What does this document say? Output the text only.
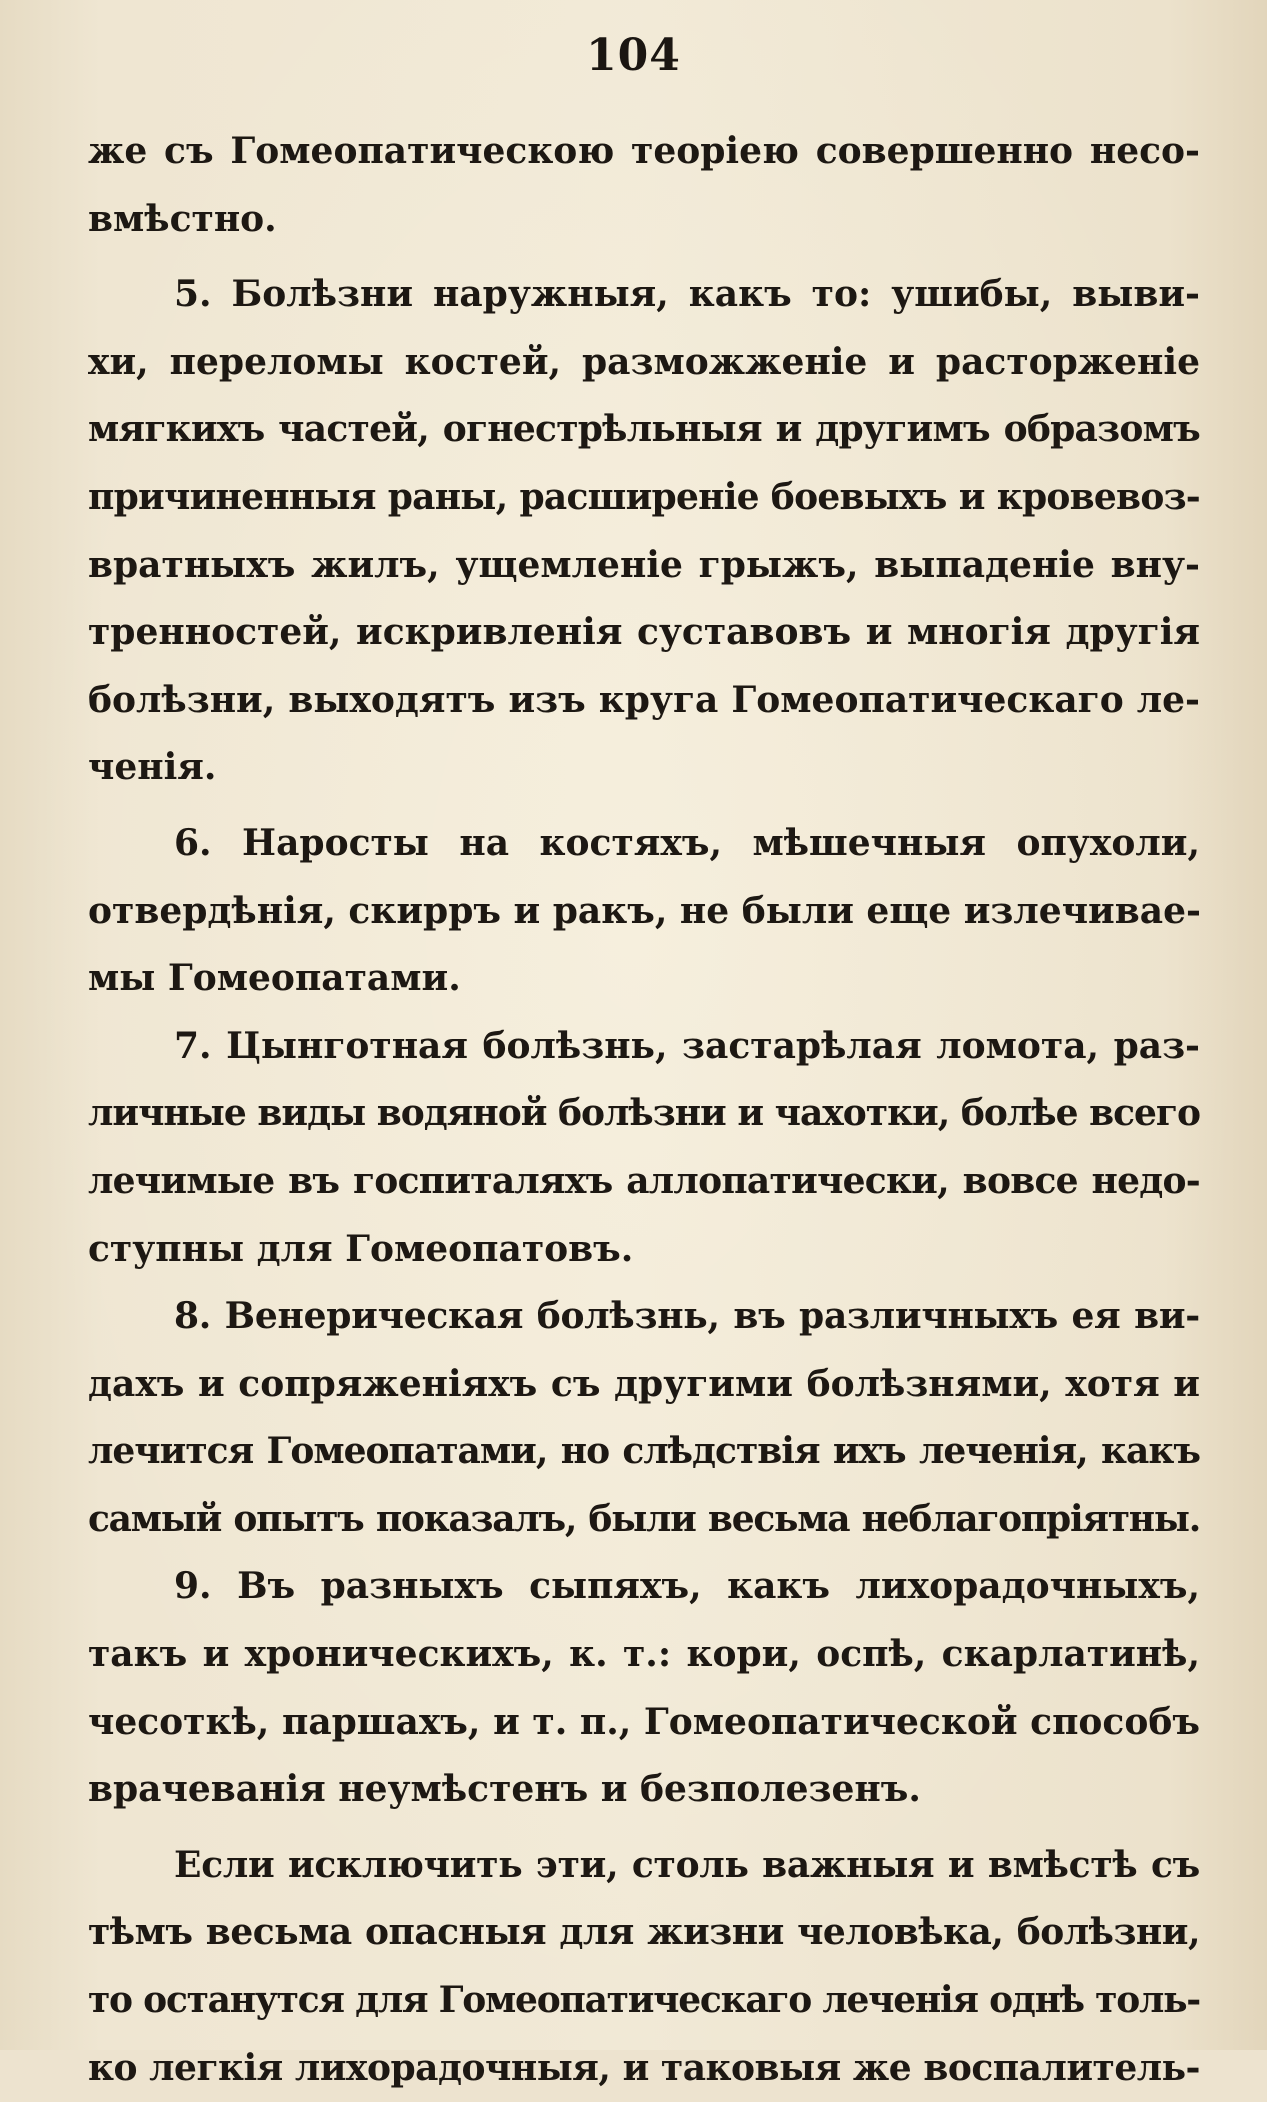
104
же съ Гомеопатическою теоріею совершенно несо-
вмѣстно.
5. Болѣзни наружныя, какъ то: ушибы, выви-
хи, переломы костей, разможженіе и расторженіе
мягкихъ частей, огнестрѣльныя и другимъ образомъ
причиненныя раны, расширеніе боевыхъ и кровевоз-
вратныхъ жилъ, ущемленіе грыжъ, выпаденіе вну-
тренностей, искривленія суставовъ и многія другія
болѣзни, выходятъ изъ круга Гомеопатическаго ле-
ченія.
6. Наросты на костяхъ, мѣшечныя опухоли,
отвердѣнія, скирръ и ракъ, не были еще излечивае-
мы Гомеопатами.
7. Цынготная болѣзнь, застарѣлая ломота, раз-
личные виды водяной болѣзни и чахотки, болѣе всего
лечимые въ госпиталяхъ аллопатически, вовсе недо-
ступны для Гомеопатовъ.
8. Венерическая болѣзнь, въ различныхъ ея ви-
дахъ и сопряженіяхъ съ другими болѣзнями, хотя и
лечится Гомеопатами, но слѣдствія ихъ леченія, какъ
самый опытъ показалъ, были весьма неблагопріятны.
9. Въ разныхъ сыпяхъ, какъ лихорадочныхъ,
такъ и хроническихъ, к. т.: кори, оспѣ, скарлатинѣ,
чесоткѣ, паршахъ, и т. п., Гомеопатической способъ
врачеванія неумѣстенъ и безполезенъ.
Если исключить эти, столь важныя и вмѣстѣ съ
тѣмъ весьма опасныя для жизни человѣка, болѣзни,
то останутся для Гомеопатическаго леченія однѣ толь-
ко легкія лихорадочныя, и таковыя же воспалитель-
